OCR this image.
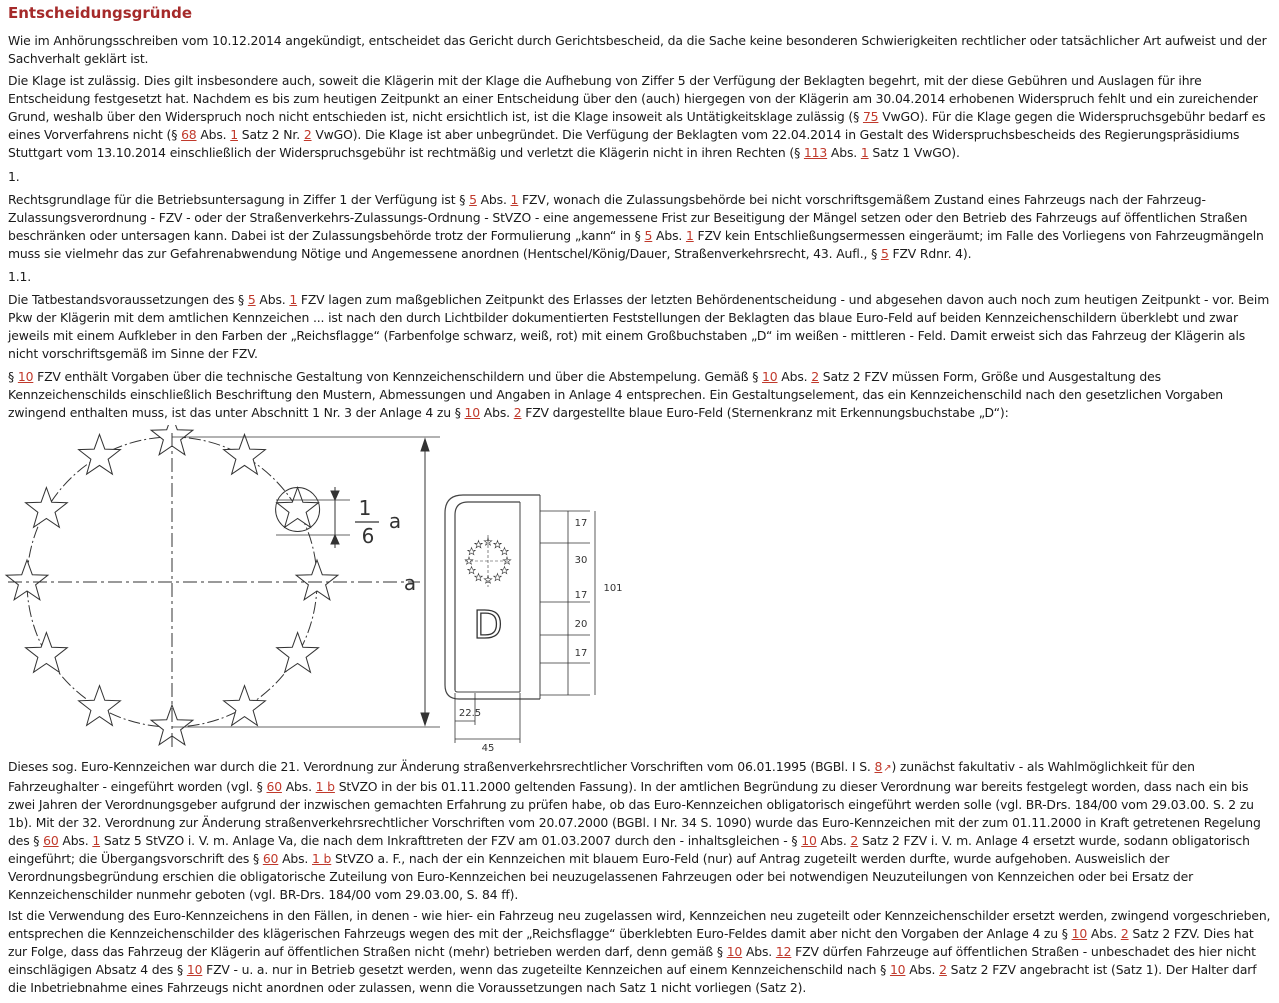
Entscheidungsgründe

Wie im Anhörungsschreiben vom 10.12.2014 angekündigt, entscheidet das Gericht durch Gerichtsbescheid, da die Sache keine besonderen Schwierigkeiten rechtlicher oder tatsächlicher Art aufweist und der Sachverhalt geklärt ist.

Die Klage ist zulässig. Dies gilt insbesondere auch, soweit die Klägerin mit der Klage die Aufhebung von Ziffer 5 der Verfügung der Beklagten begehrt, mit der diese Gebühren und Auslagen für ihre Entscheidung festgesetzt hat. Nachdem es bis zum heutigen Zeitpunkt an einer Entscheidung über den (auch) hiergegen von der Klägerin am 30.04.2014 erhobenen Widerspruch fehlt und ein zureichender Grund, weshalb über den Widerspruch noch nicht entschieden ist, nicht ersichtlich ist, ist die Klage insoweit als Untätigkeitsklage zulässig (§ 75 VwGO). Für die Klage gegen die Widerspruchsgebühr bedarf es eines Vorverfahrens nicht (§ 68 Abs. 1 Satz 2 Nr. 2 VwGO). Die Klage ist aber unbegründet. Die Verfügung der Beklagten vom 22.04.2014 in Gestalt des Widerspruchsbescheids des Regierungspräsidiums Stuttgart vom 13.10.2014 einschließlich der Widerspruchsgebühr ist rechtmäßig und verletzt die Klägerin nicht in ihren Rechten (§ 113 Abs. 1 Satz 1 VwGO).

1.

Rechtsgrundlage für die Betriebsuntersagung in Ziffer 1 der Verfügung ist § 5 Abs. 1 FZV, wonach die Zulassungsbehörde bei nicht vorschriftsgemäßem Zustand eines Fahrzeugs nach der Fahrzeug-Zulassungsverordnung - FZV - oder der Straßenverkehrs-Zulassungs-Ordnung - StVZO - eine angemessene Frist zur Beseitigung der Mängel setzen oder den Betrieb des Fahrzeugs auf öffentlichen Straßen beschränken oder untersagen kann. Dabei ist der Zulassungsbehörde trotz der Formulierung „kann“ in § 5 Abs. 1 FZV kein Entschließungsermessen eingeräumt; im Falle des Vorliegens von Fahrzeugmängeln muss sie vielmehr das zur Gefahrenabwendung Nötige und Angemessene anordnen (Hentschel/König/Dauer, Straßenverkehrsrecht, 43. Aufl., § 5 FZV Rdnr. 4).

1.1.

Die Tatbestandsvoraussetzungen des § 5 Abs. 1 FZV lagen zum maßgeblichen Zeitpunkt des Erlasses der letzten Behördenentscheidung - und abgesehen davon auch noch zum heutigen Zeitpunkt - vor. Beim Pkw der Klägerin mit dem amtlichen Kennzeichen ... ist nach den durch Lichtbilder dokumentierten Feststellungen der Beklagten das blaue Euro-Feld auf beiden Kennzeichenschildern überklebt und zwar jeweils mit einem Aufkleber in den Farben der „Reichsflagge“ (Farbenfolge schwarz, weiß, rot) mit einem Großbuchstaben „D“ im weißen - mittleren - Feld. Damit erweist sich das Fahrzeug der Klägerin als nicht vorschriftsgemäß im Sinne der FZV.

§ 10 FZV enthält Vorgaben über die technische Gestaltung von Kennzeichenschildern und über die Abstempelung. Gemäß § 10 Abs. 2 Satz 2 FZV müssen Form, Größe und Ausgestaltung des Kennzeichenschilds einschließlich Beschriftung den Mustern, Abmessungen und Angaben in Anlage 4 entsprechen. Ein Gestaltungselement, das ein Kennzeichenschild nach den gesetzlichen Vorgaben zwingend enthalten muss, ist das unter Abschnitt 1 Nr. 3 der Anlage 4 zu § 10 Abs. 2 FZV dargestellte blaue Euro-Feld (Sternenkranz mit Erkennungsbuchstabe „D“):

1
6
a
a
D
17
30
17
20
17
101
22.5
45

Dieses sog. Euro-Kennzeichen war durch die 21. Verordnung zur Änderung straßenverkehrsrechtlicher Vorschriften vom 06.01.1995 (BGBl. I S. 8↗) zunächst fakultativ - als Wahlmöglichkeit für den Fahrzeughalter - eingeführt worden (vgl. § 60 Abs. 1 b StVZO in der bis 01.11.2000 geltenden Fassung). In der amtlichen Begründung zu dieser Verordnung war bereits festgelegt worden, dass nach ein bis zwei Jahren der Verordnungsgeber aufgrund der inzwischen gemachten Erfahrung zu prüfen habe, ob das Euro-Kennzeichen obligatorisch eingeführt werden solle (vgl. BR-Drs. 184/00 vom 29.03.00. S. 2 zu 1b). Mit der 32. Verordnung zur Änderung straßenverkehrsrechtlicher Vorschriften vom 20.07.2000 (BGBl. I Nr. 34 S. 1090) wurde das Euro-Kennzeichen mit der zum 01.11.2000 in Kraft getretenen Regelung des § 60 Abs. 1 Satz 5 StVZO i. V. m. Anlage Va, die nach dem Inkrafttreten der FZV am 01.03.2007 durch den - inhaltsgleichen - § 10 Abs. 2 Satz 2 FZV i. V. m. Anlage 4 ersetzt wurde, sodann obligatorisch eingeführt; die Übergangsvorschrift des § 60 Abs. 1 b StVZO a. F., nach der ein Kennzeichen mit blauem Euro-Feld (nur) auf Antrag zugeteilt werden durfte, wurde aufgehoben. Ausweislich der Verordnungsbegründung erschien die obligatorische Zuteilung von Euro-Kennzeichen bei neuzugelassenen Fahrzeugen oder bei notwendigen Neuzuteilungen von Kennzeichen oder bei Ersatz der Kennzeichenschilder nunmehr geboten (vgl. BR-Drs. 184/00 vom 29.03.00, S. 84 ff).

Ist die Verwendung des Euro-Kennzeichens in den Fällen, in denen - wie hier- ein Fahrzeug neu zugelassen wird, Kennzeichen neu zugeteilt oder Kennzeichenschilder ersetzt werden, zwingend vorgeschrieben, entsprechen die Kennzeichenschilder des klägerischen Fahrzeugs wegen des mit der „Reichsflagge“ überklebten Euro-Feldes damit aber nicht den Vorgaben der Anlage 4 zu § 10 Abs. 2 Satz 2 FZV. Dies hat zur Folge, dass das Fahrzeug der Klägerin auf öffentlichen Straßen nicht (mehr) betrieben werden darf, denn gemäß § 10 Abs. 12 FZV dürfen Fahrzeuge auf öffentlichen Straßen - unbeschadet des hier nicht einschlägigen Absatz 4 des § 10 FZV - u. a. nur in Betrieb gesetzt werden, wenn das zugeteilte Kennzeichen auf einem Kennzeichenschild nach § 10 Abs. 2 Satz 2 FZV angebracht ist (Satz 1). Der Halter darf die Inbetriebnahme eines Fahrzeugs nicht anordnen oder zulassen, wenn die Voraussetzungen nach Satz 1 nicht vorliegen (Satz 2).
